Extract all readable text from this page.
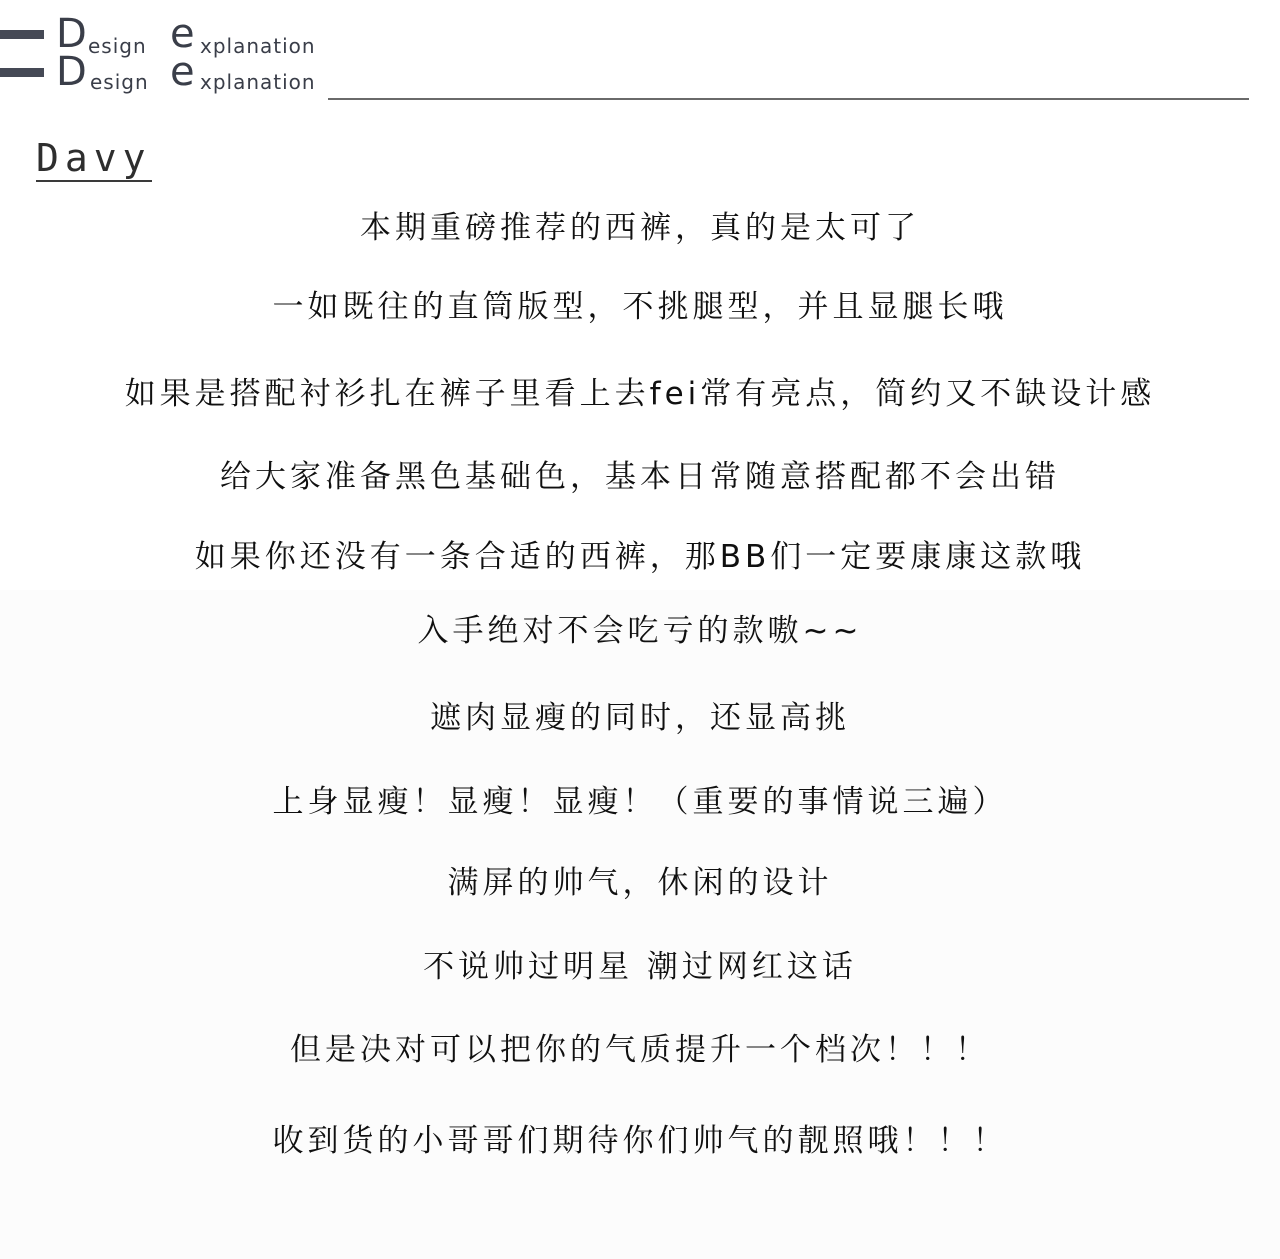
D esign e xplanation
D esign e xplanation
Davy
本期重磅推荐的西裤，真的是太可了
一如既往的直筒版型，不挑腿型，并且显腿长哦
如果是搭配衬衫扎在裤子里看上去fei常有亮点，简约又不缺设计感
给大家准备黑色基础色，基本日常随意搭配都不会出错
如果你还没有一条合适的西裤，那BB们一定要康康这款哦
入手绝对不会吃亏的款嗷~~
遮肉显瘦的同时，还显高挑
上身显瘦！显瘦！显瘦！（重要的事情说三遍）
满屏的帅气，休闲的设计
不说帅过明星 潮过网红这话
但是决对可以把你的气质提升一个档次！！！
收到货的小哥哥们期待你们帅气的靓照哦！！！
